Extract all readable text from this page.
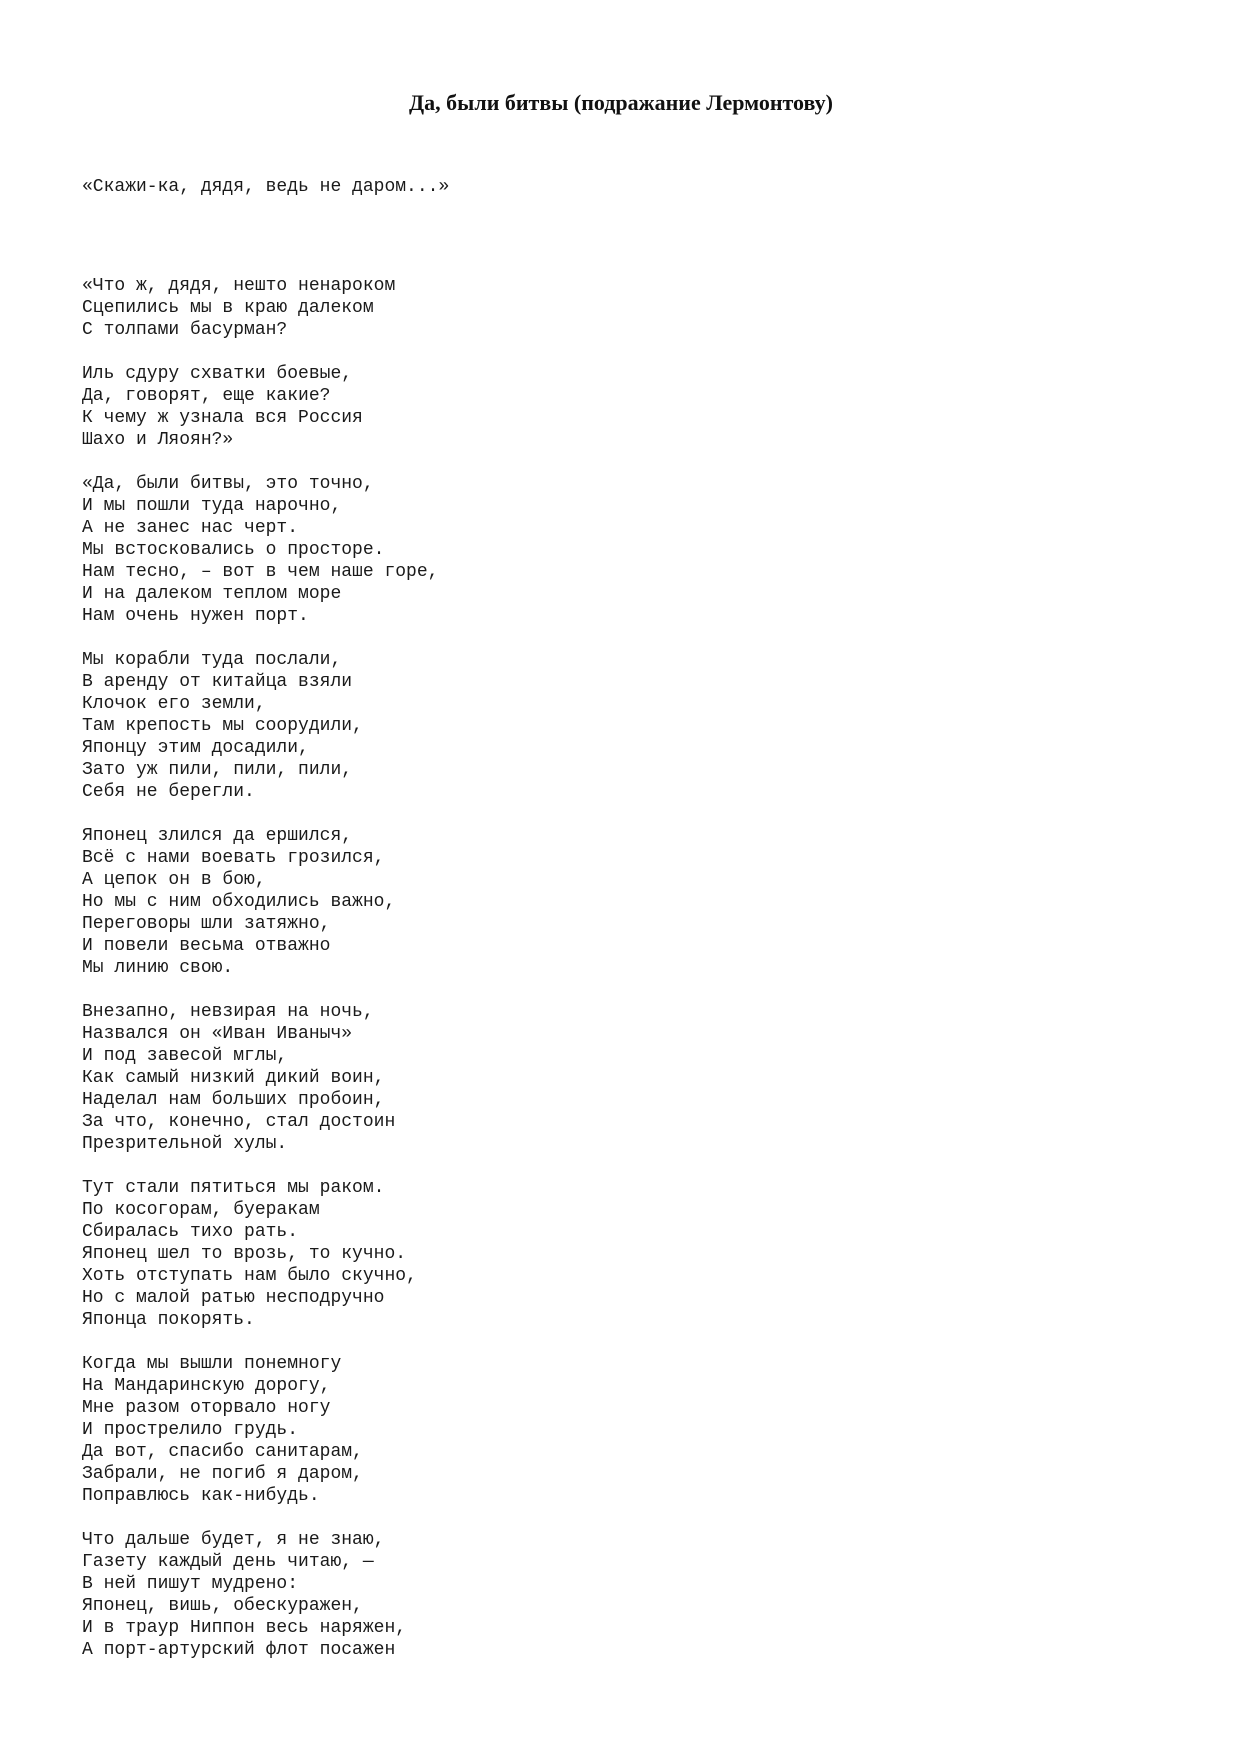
Да, были битвы (подражание Лермонтову)

«Скажи-ка, дядя, ведь не даром...»

«Что ж, дядя, нешто ненароком
Сцепились мы в краю далеком
С толпами басурман?
Иль сдуру схватки боевые,
Да, говорят, еще какие?
К чему ж узнала вся Россия
Шахо и Ляоян?»
«Да, были битвы, это точно,
И мы пошли туда нарочно,
А не занес нас черт.
Мы встосковались о просторе.
Нам тесно, – вот в чем наше горе,
И на далеком теплом море
Нам очень нужен порт.
Мы корабли туда послали,
В аренду от китайца взяли
Клочок его земли,
Там крепость мы соорудили,
Японцу этим досадили,
Зато уж пили, пили, пили,
Себя не берегли.
Японец злился да ершился,
Всё с нами воевать грозился,
А цепок он в бою,
Но мы с ним обходились важно,
Переговоры шли затяжно,
И повели весьма отважно
Мы линию свою.
Внезапно, невзирая на ночь,
Назвался он «Иван Иваныч»
И под завесой мглы,
Как самый низкий дикий воин,
Наделал нам больших пробоин,
За что, конечно, стал достоин
Презрительной хулы.
Тут стали пятиться мы раком.
По косогорам, буеракам
Сбиралась тихо рать.
Японец шел то врозь, то кучно.
Хоть отступать нам было скучно,
Но с малой ратью несподручно
Японца покорять.
Когда мы вышли понемногу
На Мандаринскую дорогу,
Мне разом оторвало ногу
И прострелило грудь.
Да вот, спасибо санитарам,
Забрали, не погиб я даром,
Поправлюсь как-нибудь.
Что дальше будет, я не знаю,
Газету каждый день читаю, —
В ней пишут мудрено:
Японец, вишь, обескуражен,
И в траур Ниппон весь наряжен,
А порт-артурский флот посажен
